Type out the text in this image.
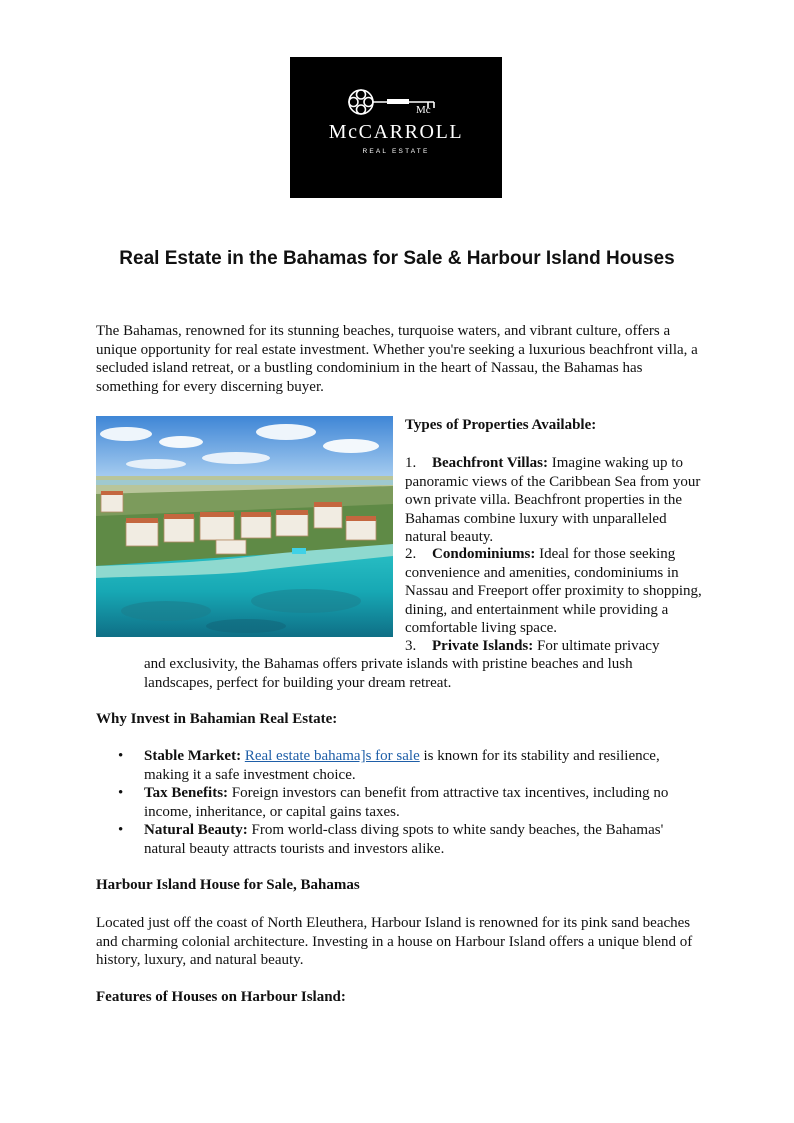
Mc
McCARROLL
REAL ESTATE
Real Estate in the Bahamas for Sale & Harbour Island Houses

The Bahamas, renowned for its stunning beaches, turquoise waters, and vibrant culture, offers a unique opportunity for real estate investment. Whether you're seeking a luxurious beachfront villa, a secluded island retreat, or a bustling condominium in the heart of Nassau, the Bahamas has something for every discerning buyer.

Types of Properties Available:

1. Beachfront Villas: Imagine waking up to panoramic views of the Caribbean Sea from your own private villa. Beachfront properties in the Bahamas combine luxury with unparalleled natural beauty.

2. Condominiums: Ideal for those seeking convenience and amenities, condominiums in Nassau and Freeport offer proximity to shopping, dining, and entertainment while providing a comfortable living space.

3. Private Islands: For ultimate privacy

and exclusivity, the Bahamas offers private islands with pristine beaches and lush landscapes, perfect for building your dream retreat.

Why Invest in Bahamian Real Estate:

• Stable Market: Real estate bahama]s for sale is known for its stability and resilience, making it a safe investment choice.
• Tax Benefits: Foreign investors can benefit from attractive tax incentives, including no income, inheritance, or capital gains taxes.
• Natural Beauty: From world-class diving spots to white sandy beaches, the Bahamas' natural beauty attracts tourists and investors alike.

Harbour Island House for Sale, Bahamas

Located just off the coast of North Eleuthera, Harbour Island is renowned for its pink sand beaches and charming colonial architecture. Investing in a house on Harbour Island offers a unique blend of history, luxury, and natural beauty.

Features of Houses on Harbour Island:
